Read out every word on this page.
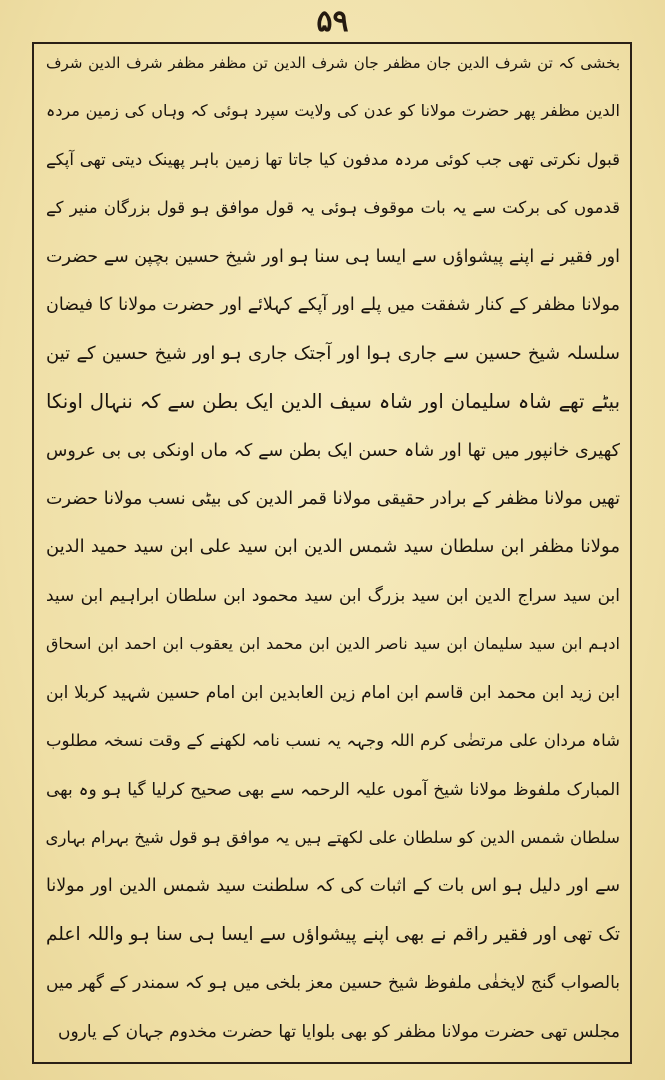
۵۹
بخشی کہ تن شرف الدین جان مظفر جان شرف الدین تن مظفر مظفر شرف الدین شرف
الدین مظفر پھر حضرت مولانا کو عدن کی ولایت سپرد ہوئی کہ وہاں کی زمین مردہ
قبول نکرتی تھی جب کوئی مردہ مدفون کیا جاتا تھا زمین باہر پھینک دیتی تھی آپکے
قدموں کی برکت سے یہ بات موقوف ہوئی یہ قول موافق ہو قول بزرگان منیر کے
اور فقیر نے اپنے پیشواؤں سے ایسا ہی سنا ہو اور شیخ حسین بچپن سے حضرت
مولانا مظفر کے کنار شفقت میں پلے اور آپکے کہلائے اور حضرت مولانا کا فیضان
سلسلہ شیخ حسین سے جاری ہوا اور آجتک جاری ہو اور شیخ حسین کے تین
بیٹے تھے شاہ سلیمان اور شاہ سیف الدین ایک بطن سے کہ ننہال اونکا
کھیری خانپور میں تھا اور شاہ حسن ایک بطن سے کہ ماں اونکی بی بی عروس
تھیں مولانا مظفر کے برادر حقیقی مولانا قمر الدین کی بیٹی نسب مولانا حضرت
مولانا مظفر ابن سلطان سید شمس الدین ابن سید علی ابن سید حمید الدین
ابن سید سراج الدین ابن سید بزرگ ابن سید محمود ابن سلطان ابراہیم ابن سید
ادہم ابن سید سلیمان ابن سید ناصر الدین ابن محمد ابن یعقوب ابن احمد ابن اسحاق
ابن زید ابن محمد ابن قاسم ابن امام زین العابدین ابن امام حسین شہید کربلا ابن
شاہ مردان علی مرتضٰی کرم اللہ وجہہ یہ نسب نامہ لکھنے کے وقت نسخہ مطلوب
المبارک ملفوظ مولانا شیخ آموں علیہ الرحمہ سے بھی صحیح کرلیا گیا ہو وہ بھی
سلطان شمس الدین کو سلطان علی لکھتے ہیں یہ موافق ہو قول شیخ بہرام بہاری
سے اور دلیل ہو اس بات کے اثبات کی کہ سلطنت سید شمس الدین اور مولانا
تک تھی اور فقیر راقم نے بھی اپنے پیشواؤں سے ایسا ہی سنا ہو واللہ اعلم
بالصواب گنج لایخفٰی ملفوظ شیخ حسین معز بلخی میں ہو کہ سمندر کے گھر میں
مجلس تھی حضرت مولانا مظفر کو بھی بلوایا تھا حضرت مخدوم جہان کے یاروں
